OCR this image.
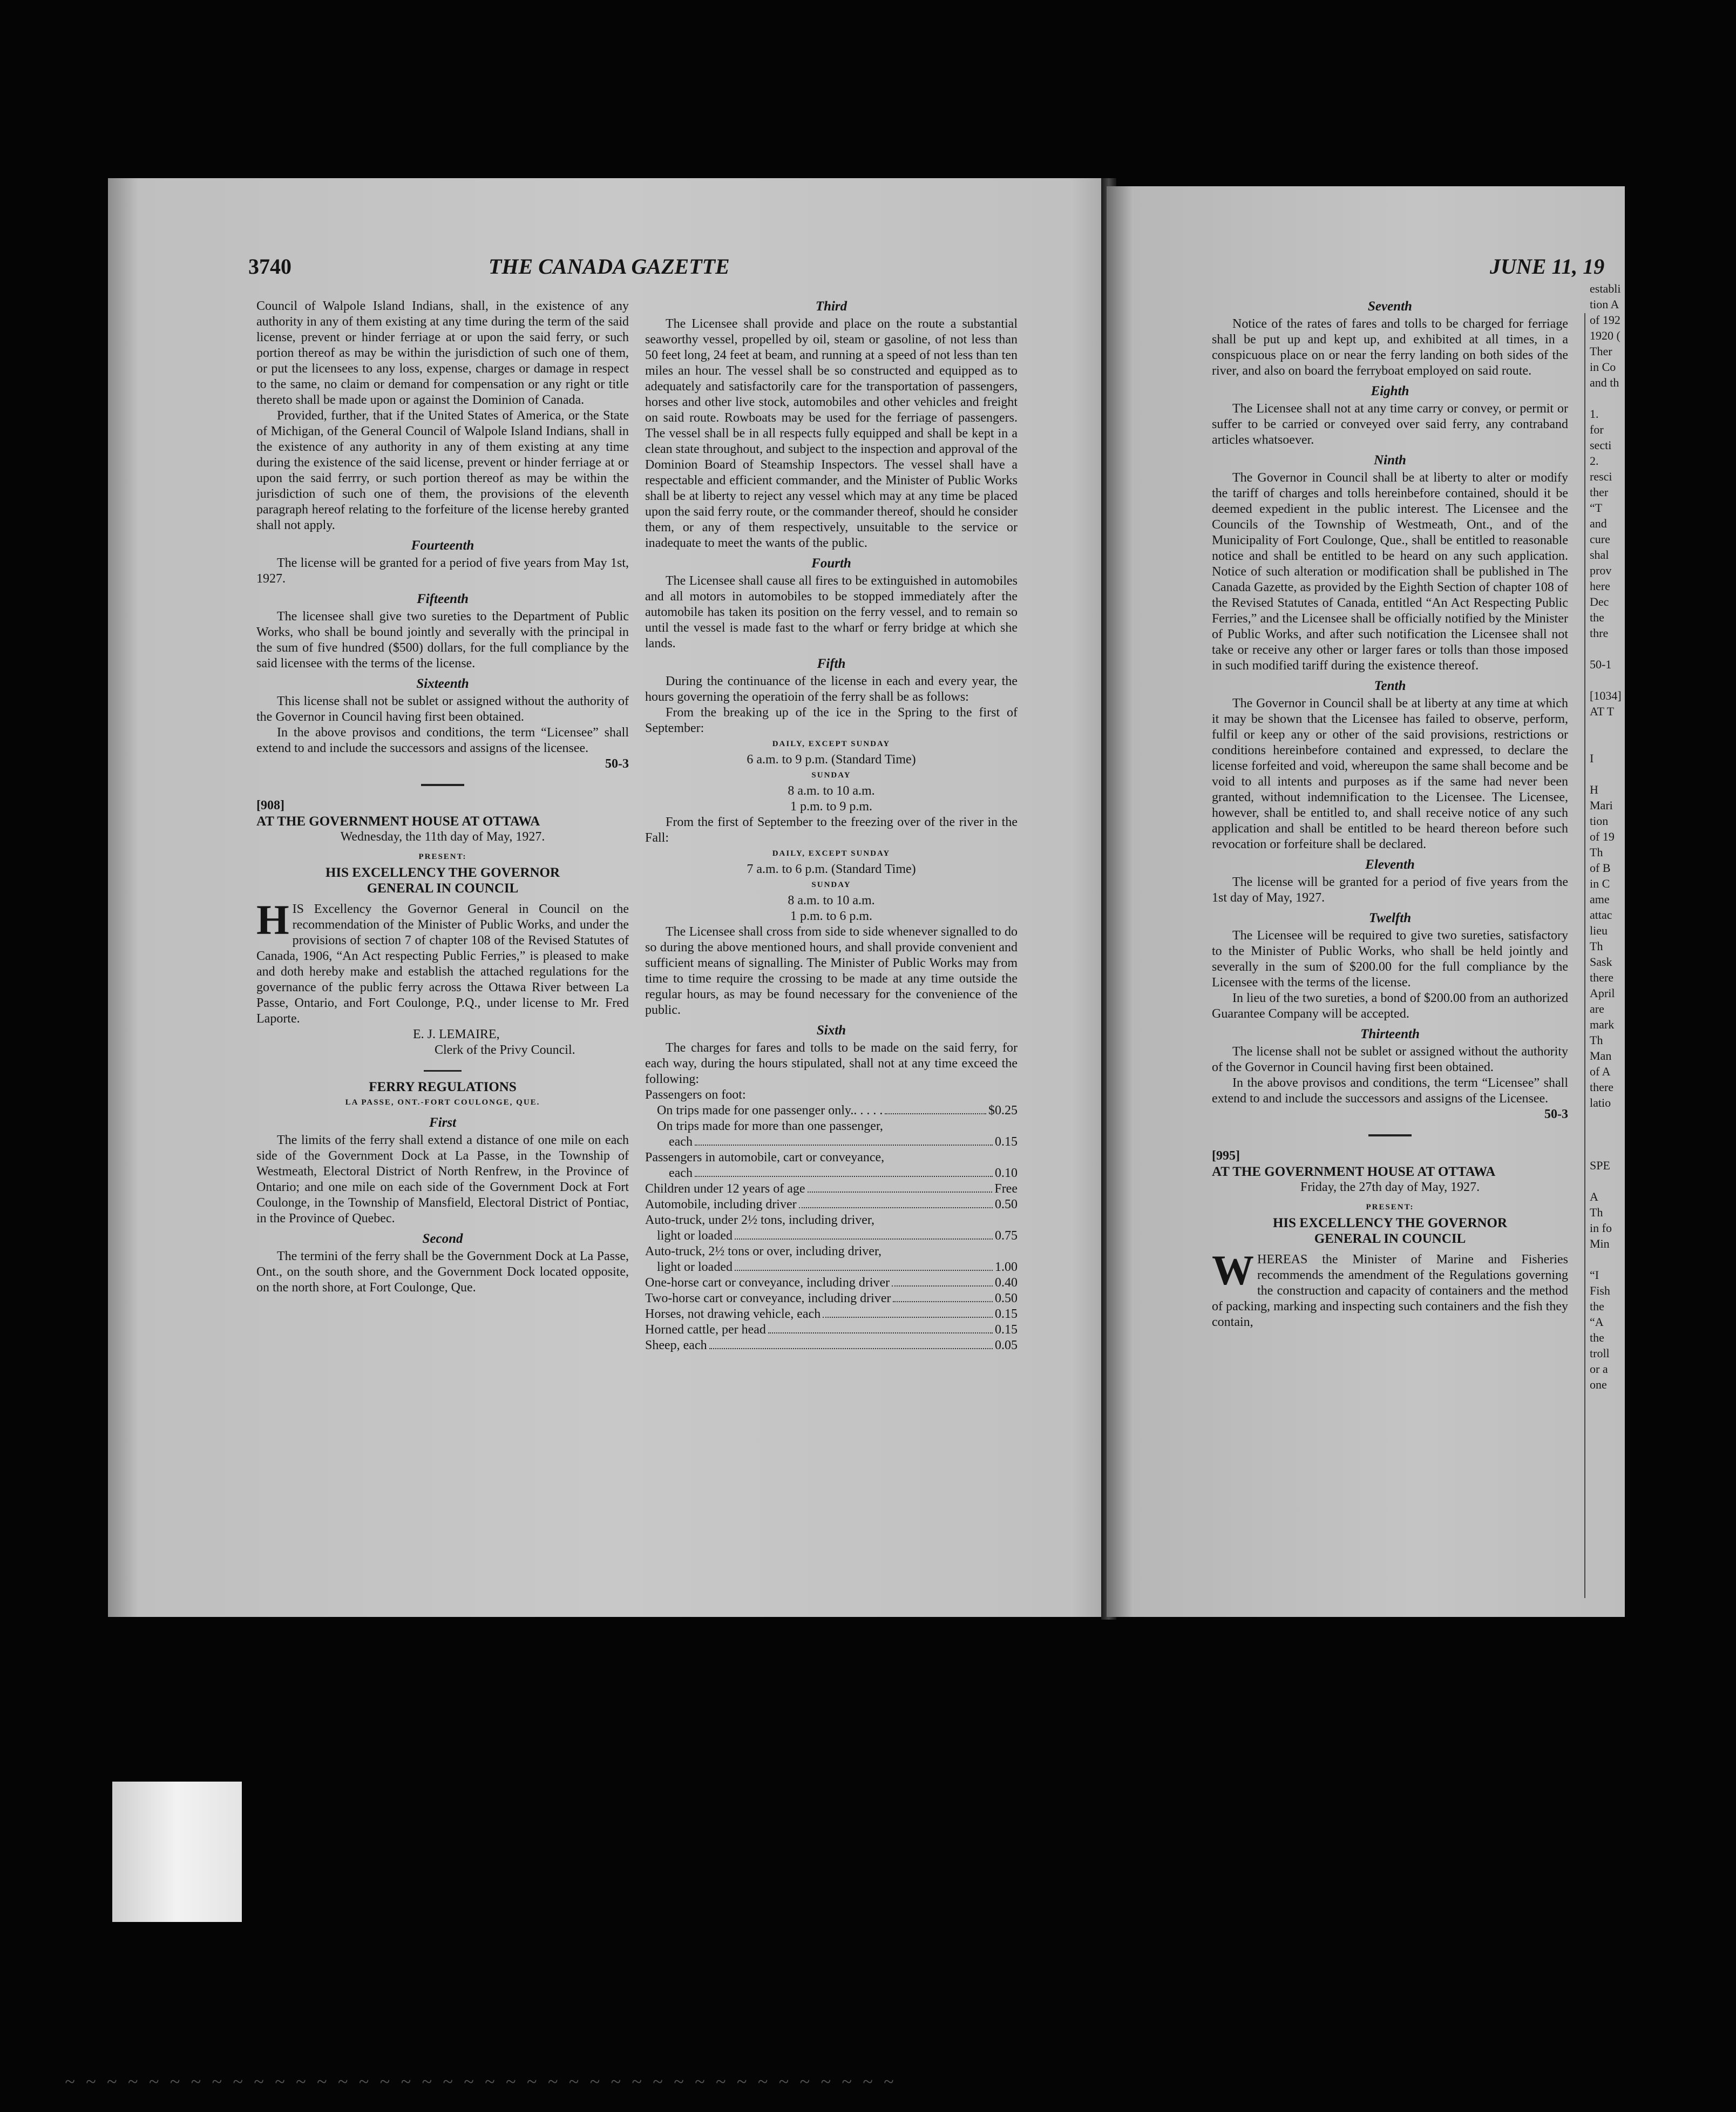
3740	THE CANADA GAZETTE	JUNE 11, 19

Council of Walpole Island Indians, shall, in the existence of any authority in any of them existing at any time during the term of the said license, prevent or hinder ferriage at or upon the said ferry, or such portion thereof as may be within the jurisdiction of such one of them, or put the licensees to any loss, expense, charges or damage in respect to the same, no claim or demand for compensation or any right or title thereto shall be made upon or against the Dominion of Canada.

Provided, further, that if the United States of America, or the State of Michigan, of the General Council of Walpole Island Indians, shall in the existence of any authority in any of them existing at any time during the existence of the said license, prevent or hinder ferriage at or upon the said ferrry, or such portion thereof as may be within the jurisdiction of such one of them, the provisions of the eleventh paragraph hereof relating to the forfeiture of the license hereby granted shall not apply.

Fourteenth

The license will be granted for a period of five years from May 1st, 1927.

Fifteenth

The licensee shall give two sureties to the Department of Public Works, who shall be bound jointly and severally with the principal in the sum of five hundred ($500) dollars, for the full compliance by the said licensee with the terms of the license.

Sixteenth

This license shall not be sublet or assigned without the authority of the Governor in Council having first been obtained.

In the above provisos and conditions, the term “Licensee” shall extend to and include the successors and assigns of the licensee.

50-3
[908]
AT THE GOVERNMENT HOUSE AT OTTAWA
Wednesday, the 11th day of May, 1927.
PRESENT:
HIS EXCELLENCY THE GOVERNOR
GENERAL IN COUNCIL
HIS Excellency the Governor General in Council on the recommendation of the Minister of Public Works, and under the provisions of section 7 of chapter 108 of the Revised Statutes of Canada, 1906, “An Act respecting Public Ferries,” is pleased to make and doth hereby make and establish the attached regulations for the governance of the public ferry across the Ottawa River between La Passe, Ontario, and Fort Coulonge, P.Q., under license to Mr. Fred Laporte.
E. J. LEMAIRE,
Clerk of the Privy Council.
FERRY REGULATIONS
LA PASSE, ONT.-FORT COULONGE, QUE.
First

The limits of the ferry shall extend a distance of one mile on each side of the Government Dock at La Passe, in the Township of Westmeath, Electoral District of North Renfrew, in the Province of Ontario; and one mile on each side of the Government Dock at Fort Coulonge, in the Township of Mansfield, Electoral District of Pontiac, in the Province of Quebec.

Second

The termini of the ferry shall be the Government Dock at La Passe, Ont., on the south shore, and the Government Dock located opposite, on the north shore, at Fort Coulonge, Que.

Third

The Licensee shall provide and place on the route a substantial seaworthy vessel, propelled by oil, steam or gasoline, of not less than 50 feet long, 24 feet at beam, and running at a speed of not less than ten miles an hour. The vessel shall be so constructed and equipped as to adequately and satisfactorily care for the transportation of passengers, horses and other live stock, automobiles and other vehicles and freight on said route. Rowboats may be used for the ferriage of passengers. The vessel shall be in all respects fully equipped and shall be kept in a clean state throughout, and subject to the inspection and approval of the Dominion Board of Steamship Inspectors. The vessel shall have a respectable and efficient commander, and the Minister of Public Works shall be at liberty to reject any vessel which may at any time be placed upon the said ferry route, or the commander thereof, should he consider them, or any of them respectively, unsuitable to the service or inadequate to meet the wants of the public.

Fourth

The Licensee shall cause all fires to be extinguished in automobiles and all motors in automobiles to be stopped immediately after the automobile has taken its position on the ferry vessel, and to remain so until the vessel is made fast to the wharf or ferry bridge at which she lands.

Fifth

During the continuance of the license in each and every year, the hours governing the operatioin of the ferry shall be as follows:

From the breaking up of the ice in the Spring to the first of September:

DAILY, EXCEPT SUNDAY
6 a.m. to 9 p.m. (Standard Time)
SUNDAY
8 a.m. to 10 a.m.
1 p.m. to 9 p.m.

From the first of September to the freezing over of the river in the Fall:

DAILY, EXCEPT SUNDAY
7 a.m. to 6 p.m. (Standard Time)
SUNDAY
8 a.m. to 10 a.m.
1 p.m. to 6 p.m.

The Licensee shall cross from side to side whenever signalled to do so during the above mentioned hours, and shall provide convenient and sufficient means of signalling. The Minister of Public Works may from time to time require the crossing to be made at any time outside the regular hours, as may be found necessary for the convenience of the public.

Sixth

The charges for fares and tolls to be made on the said ferry, for each way, during the hours stipulated, shall not at any time exceed the following:

Passengers on foot:
On trips made for one passenger only.. . . . .	$0.25
On trips made for more than one passenger,
each	0.15
Passengers in automobile, cart or conveyance,
each	0.10
Children under 12 years of age	Free
Automobile, including driver	0.50
Auto-truck, under 2½ tons, including driver,
light or loaded	0.75
Auto-truck, 2½ tons or over, including driver,
light or loaded	1.00
One-horse cart or conveyance, including driver	0.40
Two-horse cart or conveyance, including driver	0.50
Horses, not drawing vehicle, each	0.15
Horned cattle, per head	0.15
Sheep, each	0.05
Seventh

Notice of the rates of fares and tolls to be charged for ferriage shall be put up and kept up, and exhibited at all times, in a conspicuous place on or near the ferry landing on both sides of the river, and also on board the ferryboat employed on said route.

Eighth

The Licensee shall not at any time carry or convey, or permit or suffer to be carried or conveyed over said ferry, any contraband articles whatsoever.

Ninth

The Governor in Council shall be at liberty to alter or modify the tariff of charges and tolls hereinbefore contained, should it be deemed expedient in the public interest. The Licensee and the Councils of the Township of Westmeath, Ont., and of the Municipality of Fort Coulonge, Que., shall be entitled to reasonable notice and shall be entitled to be heard on any such application. Notice of such alteration or modification shall be published in The Canada Gazette, as provided by the Eighth Section of chapter 108 of the Revised Statutes of Canada, entitled “An Act Respecting Public Ferries,” and the Licensee shall be officially notified by the Minister of Public Works, and after such notification the Licensee shall not take or receive any other or larger fares or tolls than those imposed in such modified tariff during the existence thereof.

Tenth

The Governor in Council shall be at liberty at any time at which it may be shown that the Licensee has failed to observe, perform, fulfil or keep any or other of the said provisions, restrictions or conditions hereinbefore contained and expressed, to declare the license forfeited and void, whereupon the same shall become and be void to all intents and purposes as if the same had never been granted, without indemnification to the Licensee. The Licensee, however, shall be entitled to, and shall receive notice of any such application and shall be entitled to be heard thereon before such revocation or forfeiture shall be declared.

Eleventh

The license will be granted for a period of five years from the 1st day of May, 1927.

Twelfth

The Licensee will be required to give two sureties, satisfactory to the Minister of Public Works, who shall be held jointly and severally in the sum of $200.00 for the full compliance by the Licensee with the terms of the license.

In lieu of the two sureties, a bond of $200.00 from an authorized Guarantee Company will be accepted.

Thirteenth

The license shall not be sublet or assigned without the authority of the Governor in Council having first been obtained.

In the above provisos and conditions, the term “Licensee” shall extend to and include the successors and assigns of the Licensee.

50-3
[995]
AT THE GOVERNMENT HOUSE AT OTTAWA
Friday, the 27th day of May, 1927.
PRESENT:
HIS EXCELLENCY THE GOVERNOR
GENERAL IN COUNCIL
WHEREAS the Minister of Marine and Fisheries recommends the amendment of the Regulations governing the construction and capacity of containers and the method of packing, marking and inspecting such containers and the fish they contain,
establi
tion A
of 192
1920 (
Ther
in Co
and th
1.
for
secti
2.
resci
ther
“T
and
cure
shal
prov
here
Dec
the
thre
50-1
[1034]
AT T
I
H
Mari
tion
of 19
Th
of B
in C
ame
attac
lieu
Th
Sask
there
April
are
mark
Th
Man
of A
there
latio
SPE
A
Th
in fo
Min
“I
Fish
the
“A
the
troll
or a
one
~ ~ ~ ~ ~ ~ ~ ~ ~ ~ ~ ~ ~ ~ ~ ~ ~ ~ ~ ~ ~ ~ ~ ~ ~ ~ ~ ~ ~ ~ ~ ~ ~ ~ ~ ~ ~ ~ ~ ~
